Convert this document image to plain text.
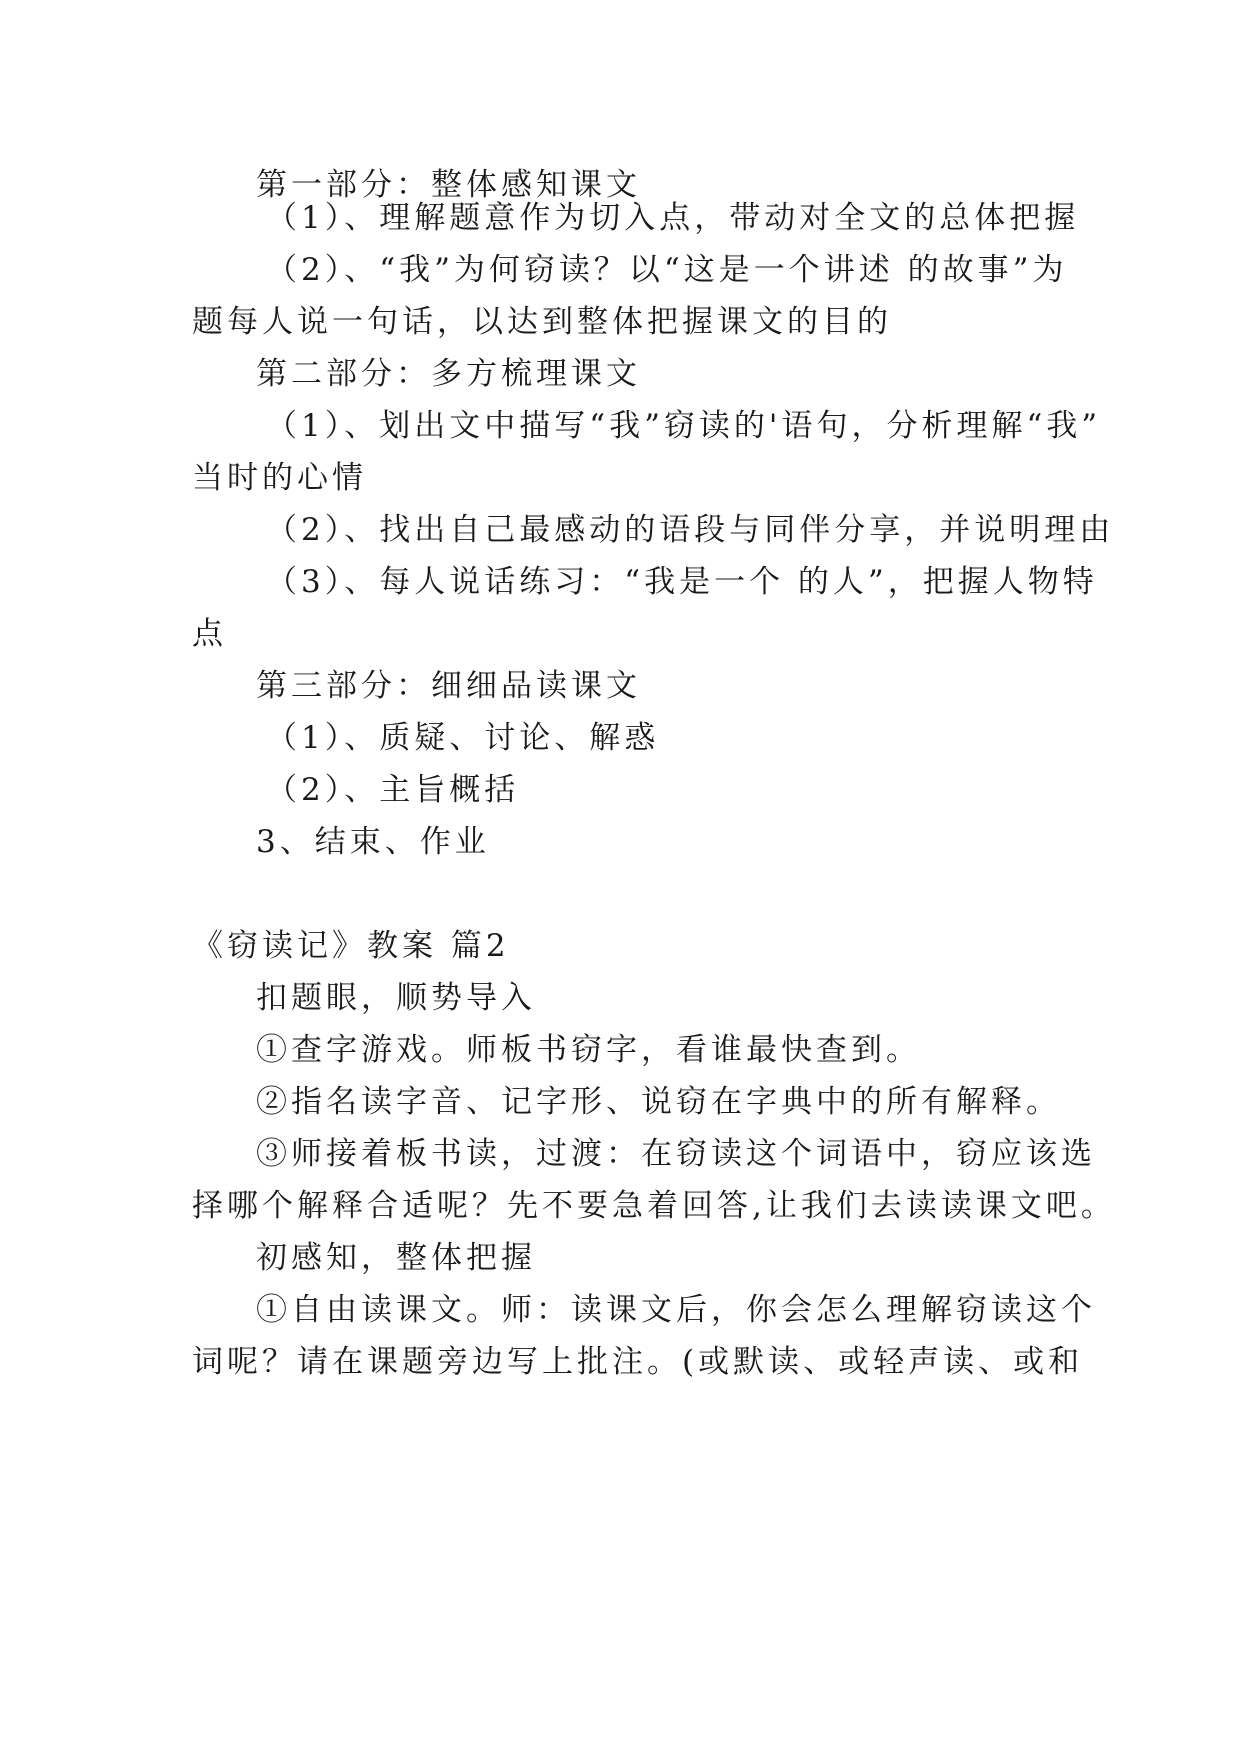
第一部分：整体感知课文
（1）、理解题意作为切入点，带动对全文的总体把握
（2）、“我”为何窃读？以“这是一个讲述 的故事”为
题每人说一句话，以达到整体把握课文的目的
第二部分：多方梳理课文
（1）、划出文中描写“我”窃读的'语句，分析理解“我”
当时的心情
（2）、找出自己最感动的语段与同伴分享，并说明理由
（3）、每人说话练习：“我是一个 的人”，把握人物特
点
第三部分：细细品读课文
（1）、质疑、讨论、解惑
（2）、主旨概括
3、结束、作业
《窃读记》教案 篇2
扣题眼，顺势导入
①查字游戏。师板书窃字，看谁最快查到。
②指名读字音、记字形、说窃在字典中的所有解释。
③师接着板书读，过渡：在窃读这个词语中，窃应该选
择哪个解释合适呢？先不要急着回答,让我们去读读课文吧。
初感知，整体把握
①自由读课文。师：读课文后，你会怎么理解窃读这个
词呢？请在课题旁边写上批注。(或默读、或轻声读、或和
